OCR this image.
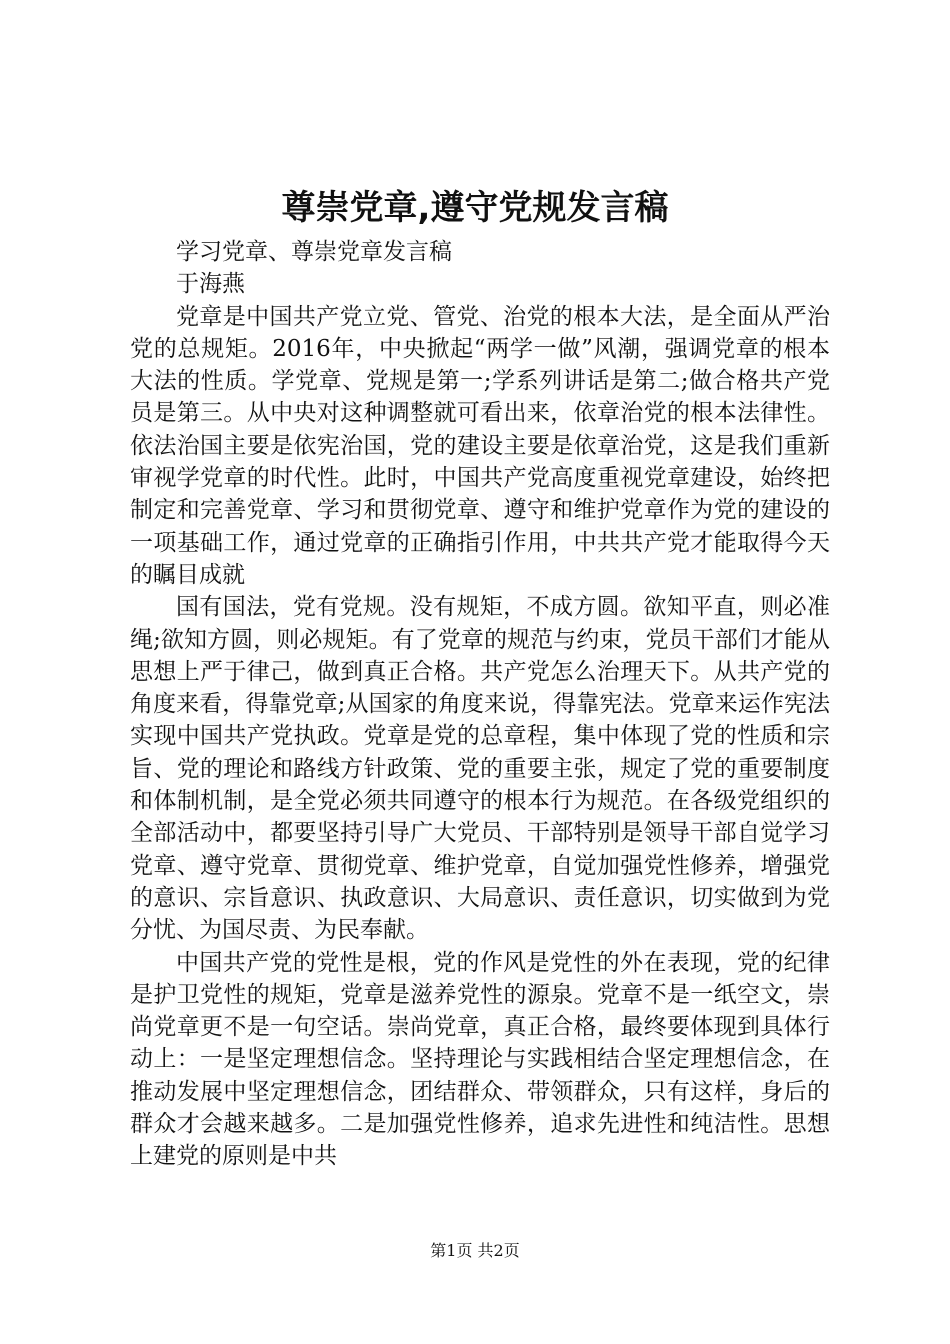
尊崇党章,遵守党规发言稿

学习党章、尊崇党章发言稿

于海燕

党章是中国共产党立党、管党、治党的根本大法，是全面从严治党的总规矩。2016年，中央掀起“两学一做”风潮，强调党章的根本大法的性质。学党章、党规是第一;学系列讲话是第二;做合格共产党员是第三。从中央对这种调整就可看出来，依章治党的根本法律性。依法治国主要是依宪治国，党的建设主要是依章治党，这是我们重新审视学党章的时代性。此时，中国共产党高度重视党章建设，始终把制定和完善党章、学习和贯彻党章、遵守和维护党章作为党的建设的一项基础工作，通过党章的正确指引作用，中共共产党才能取得今天的瞩目成就

国有国法，党有党规。没有规矩，不成方圆。欲知平直，则必准绳;欲知方圆，则必规矩。有了党章的规范与约束，党员干部们才能从思想上严于律己，做到真正合格。共产党怎么治理天下。从共产党的角度来看，得靠党章;从国家的角度来说，得靠宪法。党章来运作宪法实现中国共产党执政。党章是党的总章程，集中体现了党的性质和宗旨、党的理论和路线方针政策、党的重要主张，规定了党的重要制度和体制机制，是全党必须共同遵守的根本行为规范。在各级党组织的全部活动中，都要坚持引导广大党员、干部特别是领导干部自觉学习党章、遵守党章、贯彻党章、维护党章，自觉加强党性修养，增强党的意识、宗旨意识、执政意识、大局意识、责任意识，切实做到为党分忧、为国尽责、为民奉献。

中国共产党的党性是根，党的作风是党性的外在表现，党的纪律是护卫党性的规矩，党章是滋养党性的源泉。党章不是一纸空文，崇尚党章更不是一句空话。崇尚党章，真正合格，最终要体现到具体行动上：一是坚定理想信念。坚持理论与实践相结合坚定理想信念，在推动发展中坚定理想信念，团结群众、带领群众，只有这样，身后的群众才会越来越多。二是加强党性修养，追求先进性和纯洁性。思想上建党的原则是中共

第1页 共2页
